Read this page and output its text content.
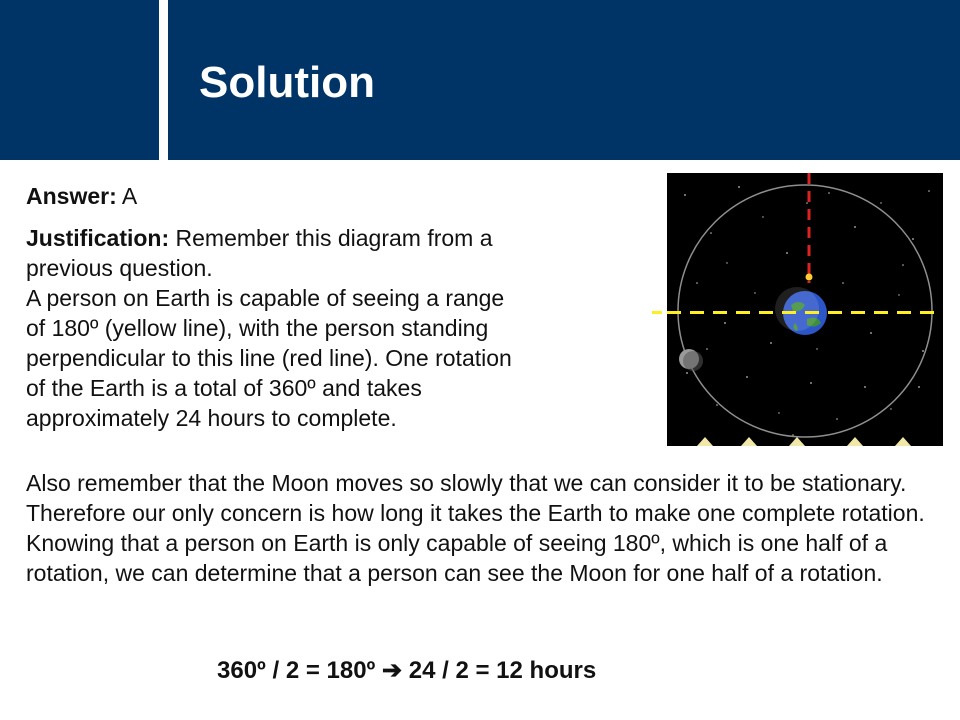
Solution
Answer: A
Justification: Remember this diagram from a
previous question.
A person on Earth is capable of seeing a range
of 180º (yellow line), with the person standing
perpendicular to this line (red line). One rotation
of the Earth is a total of 360º and takes
approximately 24 hours to complete.
Also remember that the Moon moves so slowly that we can consider it to be stationary. Therefore our only concern is how long it takes the Earth to make one complete rotation. Knowing that a person on Earth is only capable of seeing 180º, which is one half of a rotation, we can determine that a person can see the Moon for one half of a rotation.
360º / 2 = 180º ➔ 24 / 2 = 12 hours
